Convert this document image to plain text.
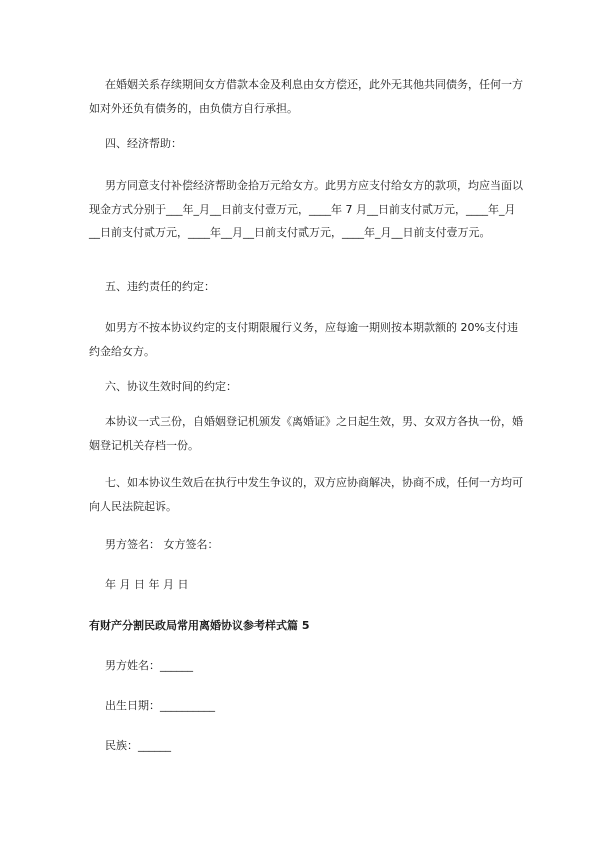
在婚姻关系存续期间女方借款本金及利息由女方偿还，此外无其他共同债务，任何一方如对外还负有债务的，由负债方自行承担。

四、经济帮助：

男方同意支付补偿经济帮助金拾万元给女方。此男方应支付给女方的款项，均应当面以现金方式分别于___年_月__日前支付壹万元，____年 7 月__日前支付贰万元，____年_月__日前支付贰万元，____年__月__日前支付贰万元，____年_月__日前支付壹万元。

五、违约责任的约定：

如男方不按本协议约定的支付期限履行义务，应每逾一期则按本期款额的 20%支付违约金给女方。

六、协议生效时间的约定：

本协议一式三份，自婚姻登记机颁发《离婚证》之日起生效，男、女双方各执一份，婚姻登记机关存档一份。

七、如本协议生效后在执行中发生争议的，双方应协商解决，协商不成，任何一方均可向人民法院起诉。

男方签名： 女方签名：

年 月 日 年 月 日

有财产分割民政局常用离婚协议参考样式篇 5

男方姓名：______

出生日期：__________

民族：______
